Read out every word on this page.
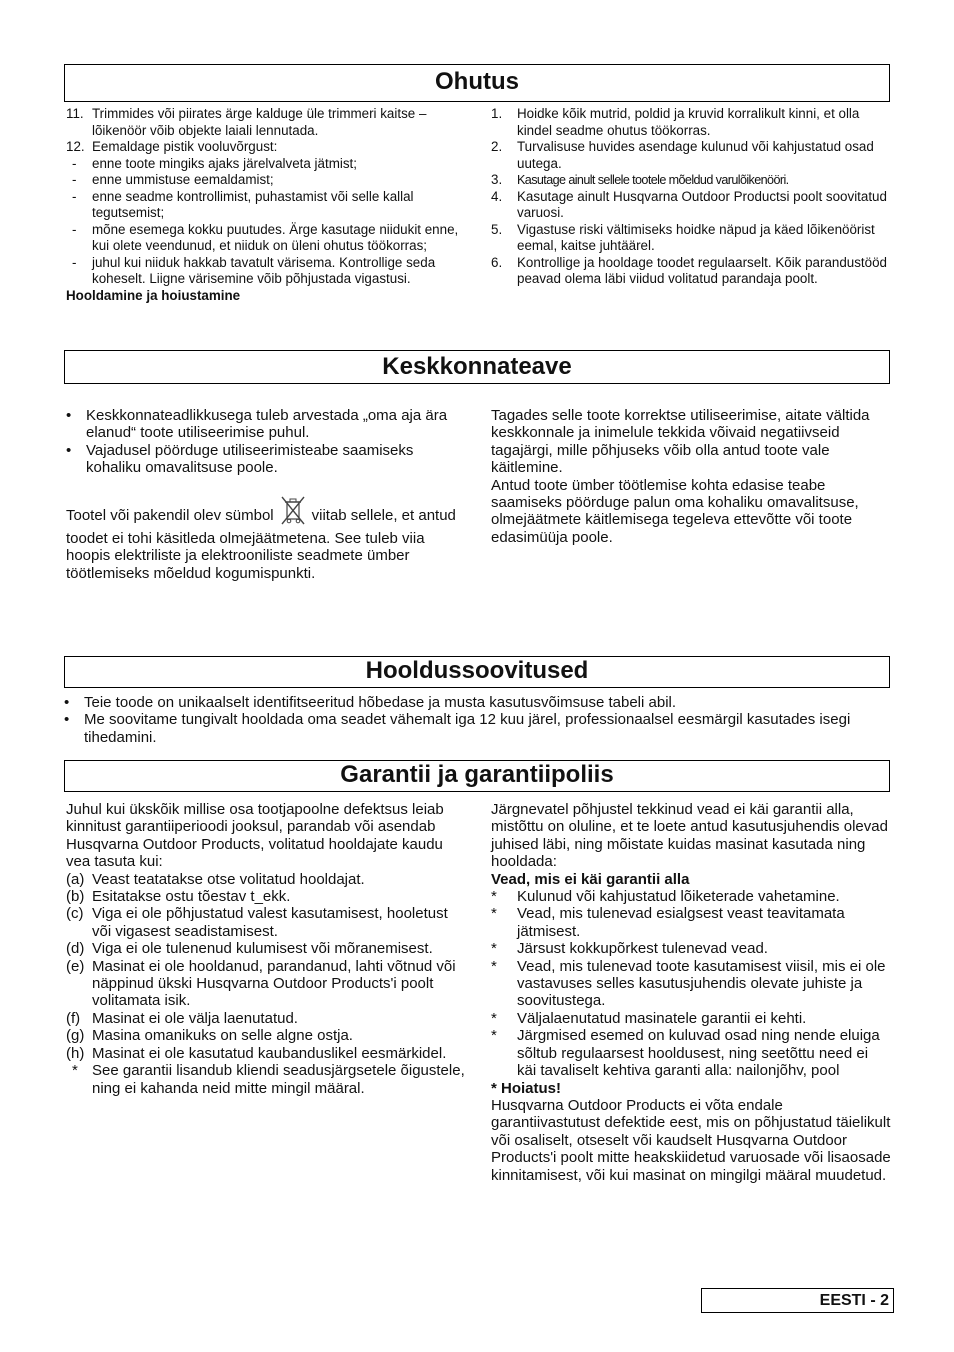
Ohutus
11. Trimmides või piirates ärge kalduge üle trimmeri kaitse – lõikenöör võib objekte laiali lennutada.
12. Eemaldage pistik vooluvõrgust:
-	enne toote mingiks ajaks järelvalveta jätmist;
-	enne ummistuse eemaldamist;
-	enne seadme kontrollimist, puhastamist või selle kallal tegutsemist;
-	mõne esemega kokku puutudes. Ärge kasutage niidukit enne, kui olete veendunud, et niiduk on üleni ohutus töökorras;
-	juhul kui niiduk hakkab tavatult värisema. Kontrollige seda koheselt. Liigne värisemine võib põhjustada vigastusi.
Hooldamine ja hoiustamine
1.	Hoidke kõik mutrid, poldid ja kruvid korralikult kinni, et olla kindel seadme ohutus töökorras.
2.	Turvalisuse huvides asendage kulunud või kahjustatud osad uutega.
3.	Kasutage ainult sellele tootele mõeldud varulõikenööri.
4.	Kasutage ainult Husqvarna Outdoor Productsi poolt soovitatud varuosi.
5.	Vigastuse riski vältimiseks hoidke näpud ja käed lõikenöörist eemal, kaitse juhtäärel.
6.	Kontrollige ja hooldage toodet regulaarselt. Kõik parandustööd peavad olema läbi viidud volitatud parandaja poolt.
Keskkonnateave
• Keskkonnateadlikkusega tuleb arvestada „oma aja ära elanud“ toote utiliseerimise puhul.
• Vajadusel pöörduge utiliseerimisteabe saamiseks kohaliku omavalitsuse poole.
Tootel või pakendil olev sümbol	viitab sellele, et antud toodet ei tohi käsitleda olmejäätmetena. See tuleb viia hoopis elektriliste ja elektrooniliste seadmete ümber töötlemiseks mõeldud kogumispunkti.
Tagades selle toote korrektse utiliseerimise, aitate vältida keskkonnale ja inimelule tekkida võivaid negatiivseid tagajärgi, mille põhjuseks võib olla antud toote vale käitlemine.
Antud toote ümber töötlemise kohta edasise teabe saamiseks pöörduge palun oma kohaliku omavalitsuse, olmejäätmete käitlemisega tegeleva ettevõtte või toote edasimüüja poole.
Hooldussoovitused
• Teie toode on unikaalselt identifitseeritud hõbedase ja musta kasutusvõimsuse tabeli abil.
• Me soovitame tungivalt hooldada oma seadet vähemalt iga 12 kuu järel, professionaalsel eesmärgil kasutades isegi tihedamini.
Garantii ja garantiipoliis
Juhul kui ükskõik millise osa tootjapoolne defektsus leiab kinnitust garantiiperioodi jooksul, parandab või asendab Husqvarna Outdoor Products, volitatud hooldajate kaudu vea tasuta kui:
(a) Veast teatatakse otse volitatud hooldajat.
(b) Esitatakse ostu tõestav t_ekk.
(c) Viga ei ole põhjustatud valest kasutamisest, hooletust või vigasest seadistamisest.
(d) Viga ei ole tulenenud kulumisest või mõranemisest.
(e) Masinat ei ole hooldanud, parandanud, lahti võtnud või näppinud ükski Husqvarna Outdoor Products'i poolt volitamata isik.
(f) Masinat ei ole välja laenutatud.
(g) Masina omanikuks on selle algne ostja.
(h) Masinat ei ole kasutatud kaubanduslikel eesmärkidel.
* See garantii lisandub kliendi seadusjärgsetele õigustele, ning ei kahanda neid mitte mingil määral.
Järgnevatel põhjustel tekkinud vead ei käi garantii alla, mistõttu on oluline, et te loete antud kasutusjuhendis olevad juhised läbi, ning mõistate kuidas masinat kasutada ning hooldada:
Vead, mis ei käi garantii alla
*	Kulunud või kahjustatud lõiketerade vahetamine.
*	Vead, mis tulenevad esialgsest veast teavitamata jätmisest.
*	Järsust kokkupõrkest tulenevad vead.
*	Vead, mis tulenevad toote kasutamisest viisil, mis ei ole vastavuses selles kasutusjuhendis olevate juhiste ja soovitustega.
*	Väljalaenutatud masinatele garantii ei kehti.
*	Järgmised esemed on kuluvad osad ning nende eluiga sõltub regulaarsest hooldusest, ning seetõttu need ei käi tavaliselt kehtiva garanti alla: nailonjõhv, pool
* Hoiatus!
Husqvarna Outdoor Products ei võta endale garantiivastutust defektide eest, mis on põhjustatud täielikult või osaliselt, otseselt või kaudselt Husqvarna Outdoor Products'i poolt mitte heakskiidetud varuosade või lisaosade kinnitamisest, või kui masinat on mingilgi määral muudetud.
EESTI - 2
